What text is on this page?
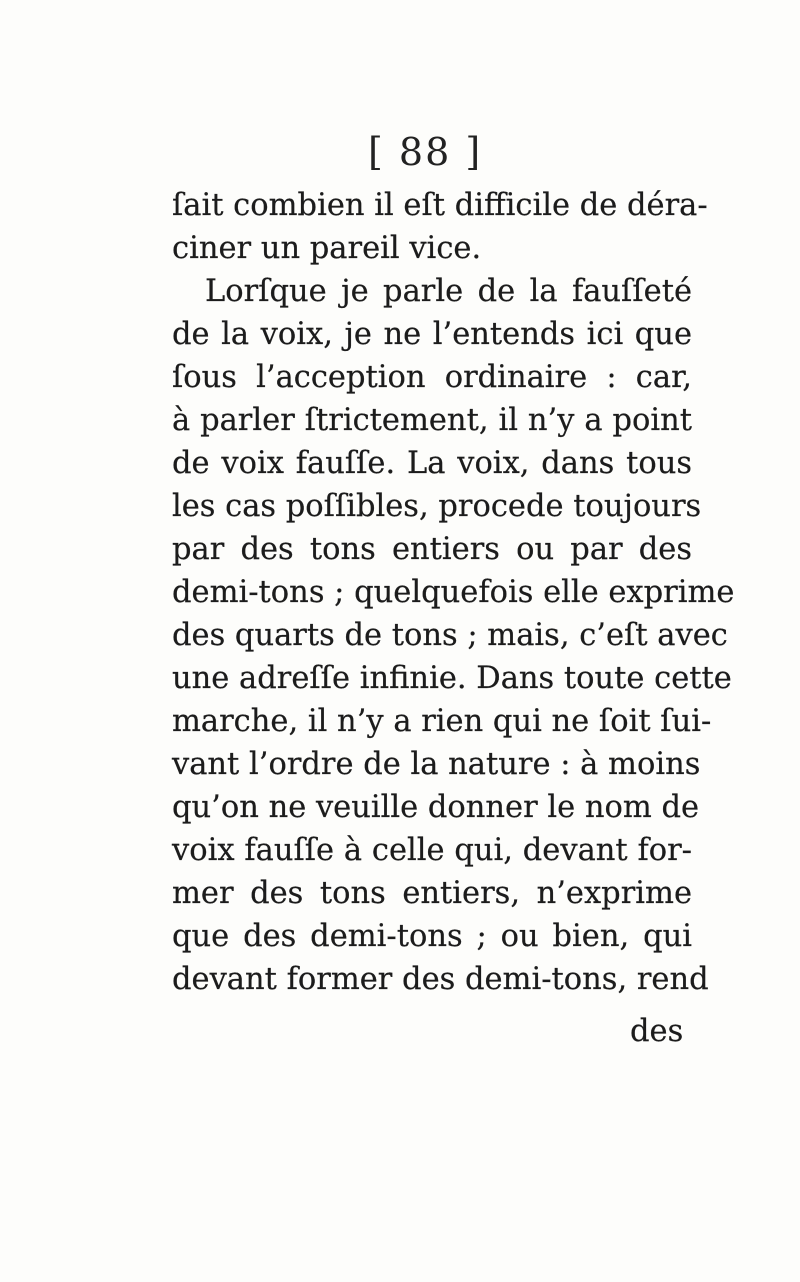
[ 88 ]
ſait combien il eſt difficile de déra-
ciner un pareil vice.
Lorſque je parle de la fauſſeté
de la voix, je ne l’entends ici que
ſous l’acception ordinaire : car,
à parler ſtrictement, il n’y a point
de voix fauſſe. La voix, dans tous
les cas poſſibles, procede toujours
par des tons entiers ou par des
demi-tons ; quelquefois elle exprime
des quarts de tons ; mais, c’eſt avec
une adreſſe infinie. Dans toute cette
marche, il n’y a rien qui ne ſoit ſui-
vant l’ordre de la nature : à moins
qu’on ne veuille donner le nom de
voix fauſſe à celle qui, devant for-
mer des tons entiers, n’exprime
que des demi-tons ; ou bien, qui
devant former des demi-tons, rend
des
